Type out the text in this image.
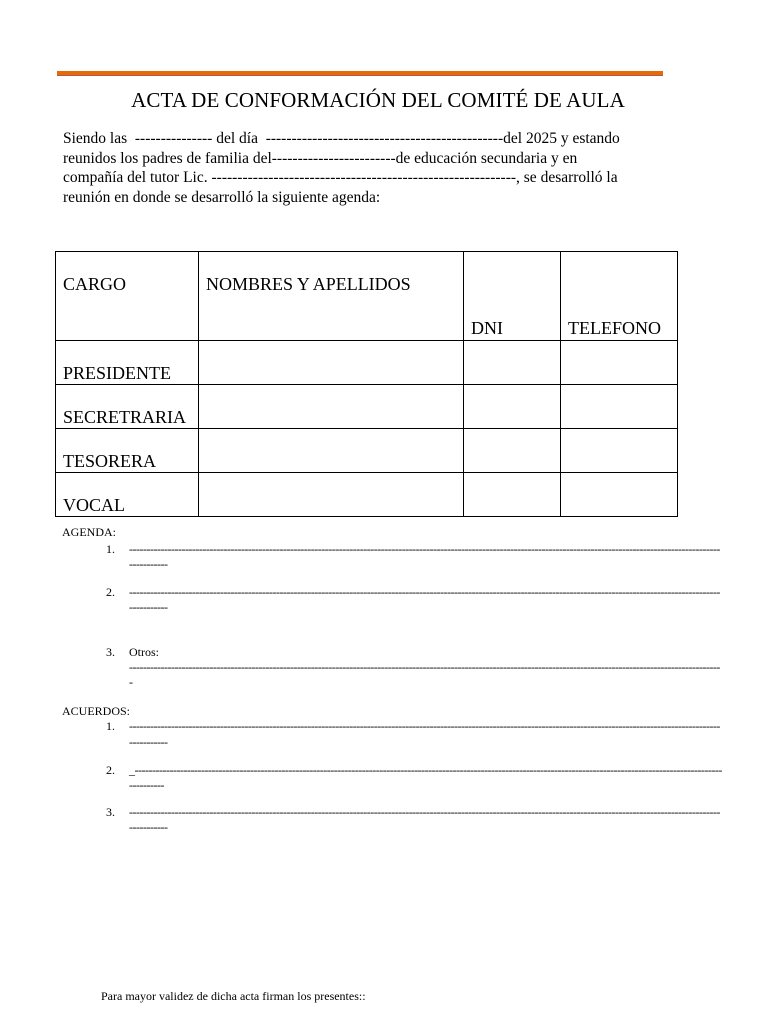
ACTA DE CONFORMACIÓN DEL COMITÉ DE AULA
Siendo las  --------------- del día  ----------------------------------------------del 2025 y estando
reunidos los padres de familia del------------------------de educación secundaria y en
compañía del tutor Lic. -----------------------------------------------------------, se desarrolló la
reunión en donde se desarrolló la siguiente agenda:
CARGO	NOMBRES Y APELLIDOS	DNI	TELEFONO
PRESIDENTE			
SECRETRARIA			
TESORERA			
VOCAL			
AGENDA:
1. -------------------------------------------------------------------------------------------------------------------------------------------------------------------------
-----------
2. -------------------------------------------------------------------------------------------------------------------------------------------------------------------------
-----------
3. Otros:
-------------------------------------------------------------------------------------------------------------------------------------------------------------------------
-
ACUERDOS:
1. -------------------------------------------------------------------------------------------------------------------------------------------------------------------------
-----------
2. _------------------------------------------------------------------------------------------------------------------------------------------------------------------------
----------
3. -------------------------------------------------------------------------------------------------------------------------------------------------------------------------
-----------
Para mayor validez de dicha acta firman los presentes::
